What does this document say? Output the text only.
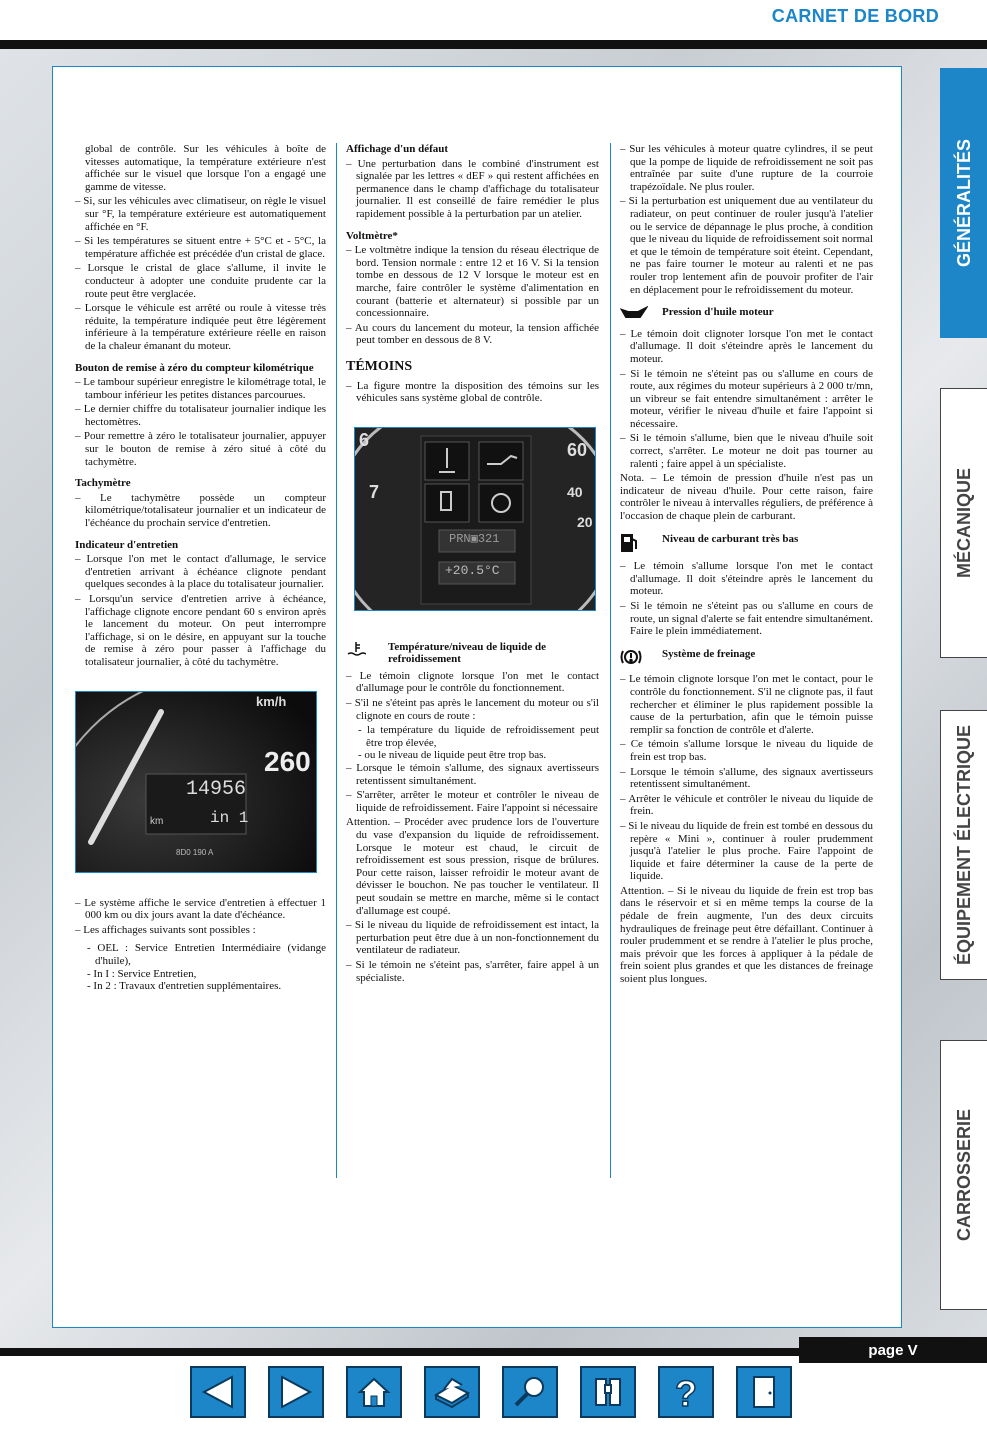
CARNET DE BORD

global de contrôle. Sur les véhicules à boîte de vitesses automatique, la température extérieure n'est affichée sur le visuel que lorsque l'on a engagé une gamme de vitesse.

– Si, sur les véhicules avec climatiseur, on règle le visuel sur °F, la température extérieure est automatiquement affichée en °F.

– Si les températures se situent entre + 5°C et - 5°C, la température affichée est précédée d'un cristal de glace.

– Lorsque le cristal de glace s'allume, il invite le conducteur à adopter une conduite prudente car la route peut être verglacée.

– Lorsque le véhicule est arrêté ou roule à vitesse très réduite, la température indiquée peut être légèrement inférieure à la température extérieure réelle en raison de la chaleur émanant du moteur.

Bouton de remise à zéro du compteur kilométrique

– Le tambour supérieur enregistre le kilométrage total, le tambour inférieur les petites distances parcourues.

– Le dernier chiffre du totalisateur journalier indique les hectomètres.

– Pour remettre à zéro le totalisateur journalier, appuyer sur le bouton de remise à zéro situé à côté du tachymètre.

Tachymètre

– Le tachymètre possède un compteur kilométrique/totalisateur journalier et un indicateur de l'échéance du prochain service d'entretien.

Indicateur d'entretien

– Lorsque l'on met le contact d'allumage, le service d'entretien arrivant à échéance clignote pendant quelques secondes à la place du totalisateur journalier.

– Lorsqu'un service d'entretien arrive à échéance, l'affichage clignote encore pendant 60 s environ après le lancement du moteur. On peut interrompre l'affichage, si on le désire, en appuyant sur la touche de remise à zéro pour passer à l'affichage du totalisateur journalier, à côté du tachymètre.

km/h
260
14956
km	in 1
8D0 190 A

– Le système affiche le service d'entretien à effectuer 1 000 km ou dix jours avant la date d'échéance.

– Les affichages suivants sont possibles :

- OEL : Service Entretien Intermédiaire (vidange d'huile),

- In I : Service Entretien,

- In 2 : Travaux d'entretien supplémentaires.

Affichage d'un défaut

– Une perturbation dans le combiné d'instrument est signalée par les lettres « dEF » qui restent affichées en permanence dans le champ d'affichage du totalisateur journalier. Il est conseillé de faire remédier le plus rapidement possible à la perturbation par un atelier.

Voltmètre*

– Le voltmètre indique la tension du réseau électrique de bord. Tension normale : entre 12 et 16 V. Si la tension tombe en dessous de 12 V lorsque le moteur est en marche, faire contrôler le système d'alimentation en courant (batterie et alternateur) si possible par un concessionnaire.

– Au cours du lancement du moteur, la tension affichée peut tomber en dessous de 8 V.

TÉMOINS

– La figure montre la disposition des témoins sur les véhicules sans système global de contrôle.

PRN▣321
+20.5°C
6
7
60
40
20
Température/niveau de liquide de refroidissement

– Le témoin clignote lorsque l'on met le contact d'allumage pour le contrôle du fonctionnement.

– S'il ne s'éteint pas après le lancement du moteur ou s'il clignote en cours de route :

- la température du liquide de refroidissement peut être trop élevée,

- ou le niveau de liquide peut être trop bas.

– Lorsque le témoin s'allume, des signaux avertisseurs retentissent simultanément.

– S'arrêter, arrêter le moteur et contrôler le niveau de liquide de refroidissement. Faire l'appoint si nécessaire

Attention. – Procéder avec prudence lors de l'ouverture du vase d'expansion du liquide de refroidissement. Lorsque le moteur est chaud, le circuit de refroidissement est sous pression, risque de brûlures. Pour cette raison, laisser refroidir le moteur avant de dévisser le bouchon. Ne pas toucher le ventilateur. Il peut soudain se mettre en marche, même si le contact d'allumage est coupé.

– Si le niveau du liquide de refroidissement est intact, la perturbation peut être due à un non-fonctionnement du ventilateur de radiateur.

– Si le témoin ne s'éteint pas, s'arrêter, faire appel à un spécialiste.

– Sur les véhicules à moteur quatre cylindres, il se peut que la pompe de liquide de refroidissement ne soit pas entraînée par suite d'une rupture de la courroie trapézoïdale. Ne plus rouler.

– Si la perturbation est uniquement due au ventilateur du radiateur, on peut continuer de rouler jusqu'à l'atelier ou le service de dépannage le plus proche, à condition que le niveau du liquide de refroidissement soit normal et que le témoin de température soit éteint. Cependant, ne pas faire tourner le moteur au ralenti et ne pas rouler trop lentement afin de pouvoir profiter de l'air en déplacement pour le refroidissement du moteur.

Pression d'huile moteur

– Le témoin doit clignoter lorsque l'on met le contact d'allumage. Il doit s'éteindre après le lancement du moteur.

– Si le témoin ne s'éteint pas ou s'allume en cours de route, aux régimes du moteur supérieurs à 2 000 tr/mn, un vibreur se fait entendre simultanément : arrêter le moteur, vérifier le niveau d'huile et faire l'appoint si nécessaire.

– Si le témoin s'allume, bien que le niveau d'huile soit correct, s'arrêter. Le moteur ne doit pas tourner au ralenti ; faire appel à un spécialiste.

Nota. – Le témoin de pression d'huile n'est pas un indicateur de niveau d'huile. Pour cette raison, faire contrôler le niveau à intervalles réguliers, de préférence à l'occasion de chaque plein de carburant.

Niveau de carburant très bas

– Le témoin s'allume lorsque l'on met le contact d'allumage. Il doit s'éteindre après le lancement du moteur.

– Si le témoin ne s'éteint pas ou s'allume en cours de route, un signal d'alerte se fait entendre simultanément. Faire le plein immédiatement.

Système de freinage

– Le témoin clignote lorsque l'on met le contact, pour le contrôle du fonctionnement. S'il ne clignote pas, il faut rechercher et éliminer le plus rapidement possible la cause de la perturbation, afin que le témoin puisse remplir sa fonction de contrôle et d'alerte.

– Ce témoin s'allume lorsque le niveau du liquide de frein est trop bas.

– Lorsque le témoin s'allume, des signaux avertisseurs retentissent simultanément.

– Arrêter le véhicule et contrôler le niveau du liquide de frein.

– Si le niveau du liquide de frein est tombé en dessous du repère « Mini », continuer à rouler prudemment jusqu'à l'atelier le plus proche. Faire l'appoint de liquide et faire déterminer la cause de la perte de liquide.

Attention. – Si le niveau du liquide de frein est trop bas dans le réservoir et si en même temps la course de la pédale de frein augmente, l'un des deux circuits hydrauliques de freinage peut être défaillant. Continuer à rouler prudemment et se rendre à l'atelier le plus proche, mais prévoir que les forces à appliquer à la pédale de frein soient plus grandes et que les distances de freinage soient plus longues.

GÉNÉRALITÉS
MÉCANIQUE
ÉQUIPEMENT ÉLECTRIQUE
CARROSSERIE
page V
?
